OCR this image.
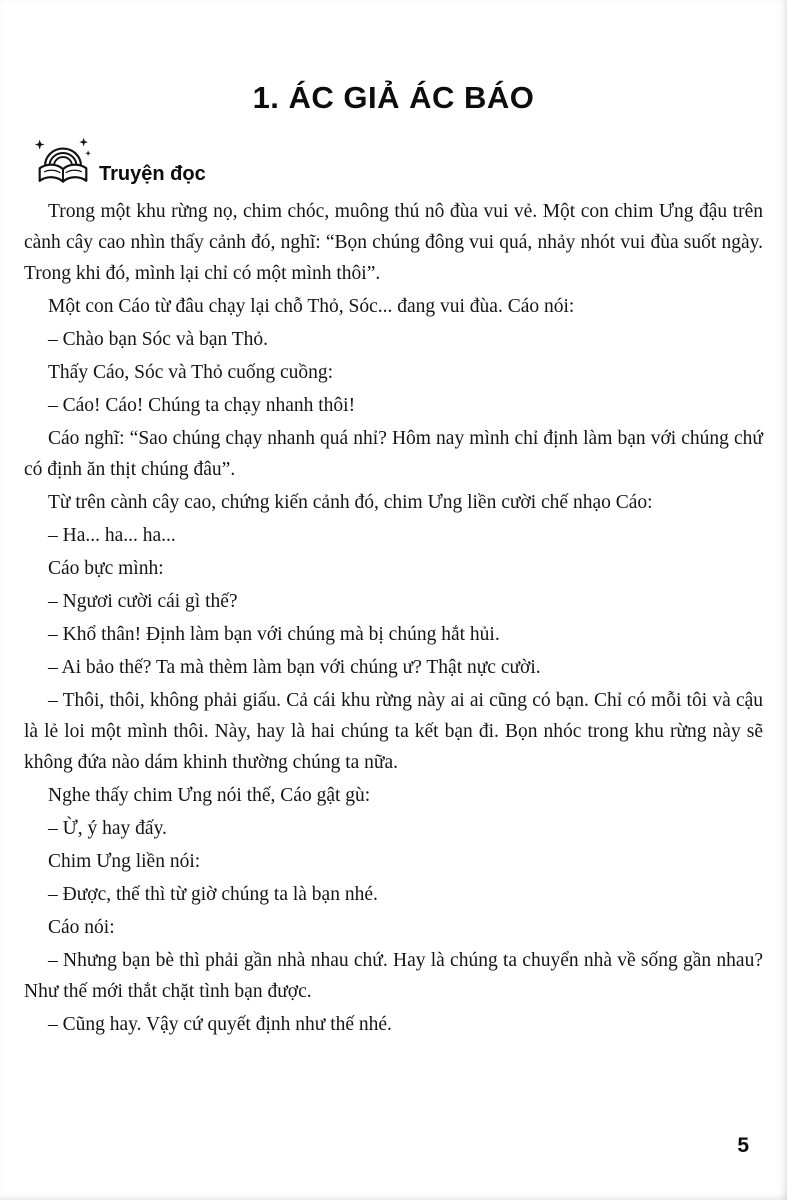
1. ÁC GIẢ ÁC BÁO
Truyện đọc

Trong một khu rừng nọ, chim chóc, muông thú nô đùa vui vẻ. Một con chim Ưng đậu trên cành cây cao nhìn thấy cảnh đó, nghĩ: “Bọn chúng đông vui quá, nhảy nhót vui đùa suốt ngày. Trong khi đó, mình lại chỉ có một mình thôi”.

Một con Cáo từ đâu chạy lại chỗ Thỏ, Sóc... đang vui đùa. Cáo nói:

– Chào bạn Sóc và bạn Thỏ.

Thấy Cáo, Sóc và Thỏ cuống cuồng:

– Cáo! Cáo! Chúng ta chạy nhanh thôi!

Cáo nghĩ: “Sao chúng chạy nhanh quá nhỉ? Hôm nay mình chỉ định làm bạn với chúng chứ có định ăn thịt chúng đâu”.

Từ trên cành cây cao, chứng kiến cảnh đó, chim Ưng liền cười chế nhạo Cáo:

– Ha... ha... ha...

Cáo bực mình:

– Ngươi cười cái gì thế?

– Khổ thân! Định làm bạn với chúng mà bị chúng hắt hủi.

– Ai bảo thế? Ta mà thèm làm bạn với chúng ư? Thật nực cười.

– Thôi, thôi, không phải giấu. Cả cái khu rừng này ai ai cũng có bạn. Chỉ có mỗi tôi và cậu là lẻ loi một mình thôi. Này, hay là hai chúng ta kết bạn đi. Bọn nhóc trong khu rừng này sẽ không đứa nào dám khinh thường chúng ta nữa.

Nghe thấy chim Ưng nói thế, Cáo gật gù:

– Ừ, ý hay đấy.

Chim Ưng liền nói:

– Được, thế thì từ giờ chúng ta là bạn nhé.

Cáo nói:

– Nhưng bạn bè thì phải gần nhà nhau chứ. Hay là chúng ta chuyển nhà về sống gần nhau? Như thế mới thắt chặt tình bạn được.

– Cũng hay. Vậy cứ quyết định như thế nhé.

5
